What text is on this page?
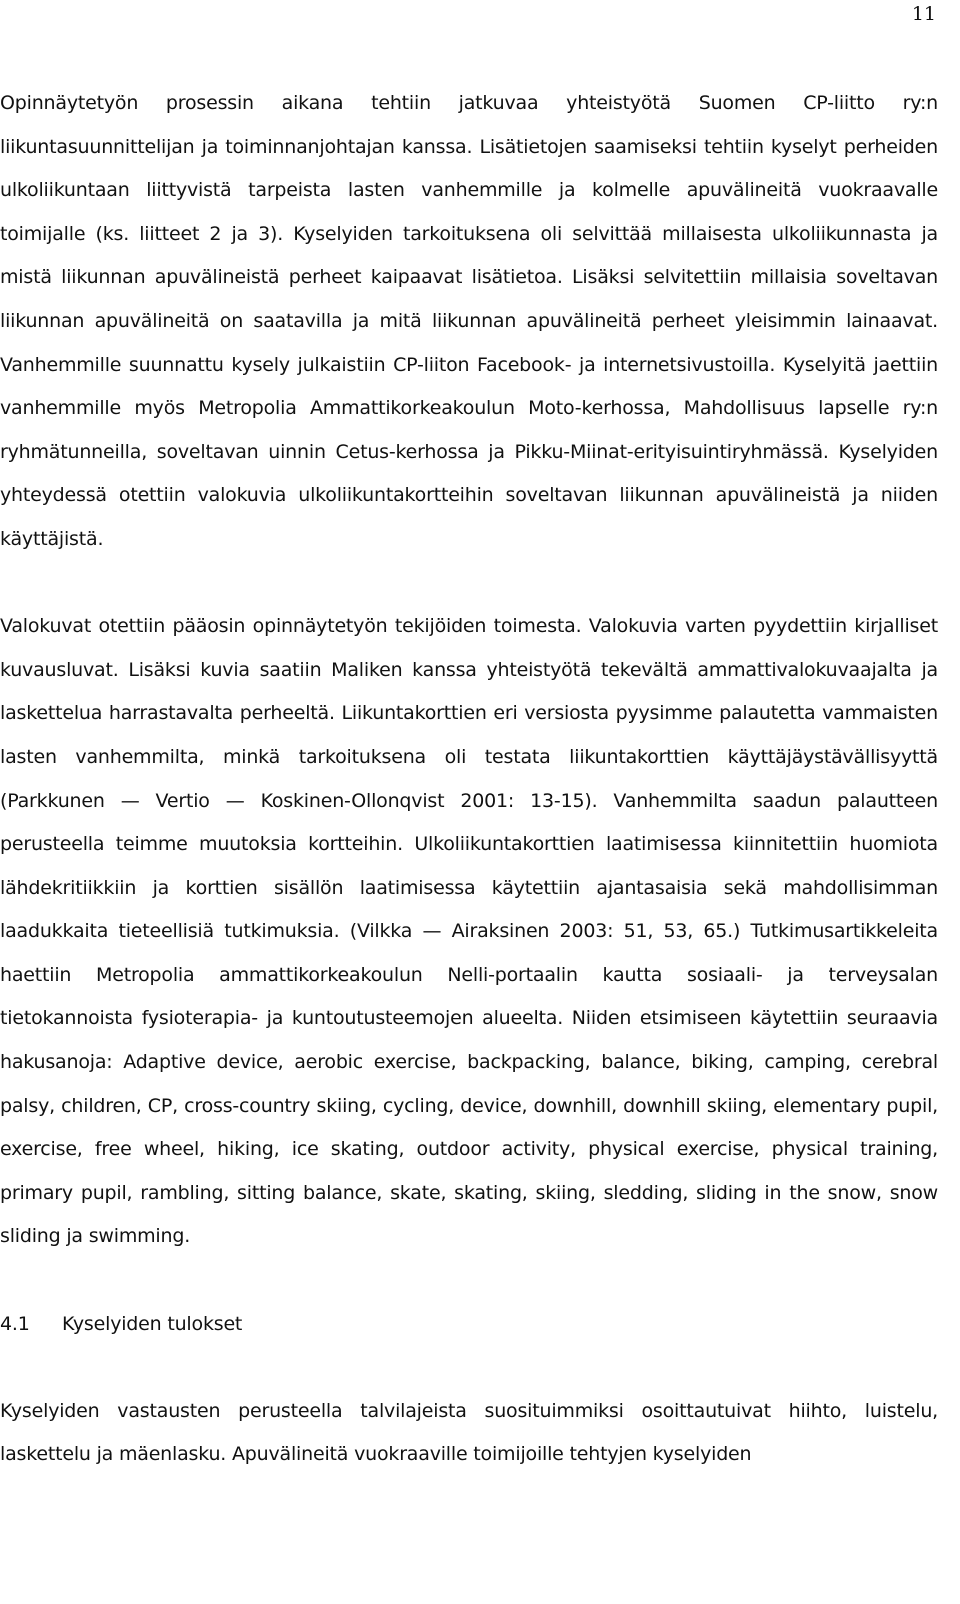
11

Opinnäytetyön prosessin aikana tehtiin jatkuvaa yhteistyötä Suomen CP-liitto ry:n liikuntasuunnittelijan ja toiminnanjohtajan kanssa. Lisätietojen saamiseksi tehtiin kyselyt perheiden ulkoliikuntaan liittyvistä tarpeista lasten vanhemmille ja kolmelle apuvälineitä vuokraavalle toimijalle (ks. liitteet 2 ja 3). Kyselyiden tarkoituksena oli selvittää millaisesta ulkoliikunnasta ja mistä liikunnan apuvälineistä perheet kaipaavat lisätietoa. Lisäksi selvitettiin millaisia soveltavan liikunnan apuvälineitä on saatavilla ja mitä liikunnan apuvälineitä perheet yleisimmin lainaavat. Vanhemmille suunnattu kysely julkaistiin CP-liiton Facebook- ja internetsivustoilla. Kyselyitä jaettiin vanhemmille myös Metropolia Ammattikorkeakoulun Moto-kerhossa, Mahdollisuus lapselle ry:n ryhmätunneilla, soveltavan uinnin Cetus-kerhossa ja Pikku-Miinat-erityisuintiryhmässä. Kyselyiden yhteydessä otettiin valokuvia ulkoliikuntakortteihin soveltavan liikunnan apuvälineistä ja niiden käyttäjistä.

Valokuvat otettiin pääosin opinnäytetyön tekijöiden toimesta. Valokuvia varten pyydettiin kirjalliset kuvausluvat. Lisäksi kuvia saatiin Maliken kanssa yhteistyötä tekevältä ammattivalokuvaajalta ja laskettelua harrastavalta perheeltä. Liikuntakorttien eri versiosta pyysimme palautetta vammaisten lasten vanhemmilta, minkä tarkoituksena oli testata liikuntakorttien käyttäjäystävällisyyttä (Parkkunen — Vertio — Koskinen-Ollonqvist 2001: 13-15). Vanhemmilta saadun palautteen perusteella teimme muutoksia kortteihin. Ulkoliikuntakorttien laatimisessa kiinnitettiin huomiota lähdekritiikkiin ja korttien sisällön laatimisessa käytettiin ajantasaisia sekä mahdollisimman laadukkaita tieteellisiä tutkimuksia. (Vilkka — Airaksinen 2003: 51, 53, 65.) Tutkimusartikkeleita haettiin Metropolia ammattikorkeakoulun Nelli-portaalin kautta sosiaali- ja terveysalan tietokannoista fysioterapia- ja kuntoutusteemojen alueelta. Niiden etsimiseen käytettiin seuraavia hakusanoja: Adaptive device, aerobic exercise, backpacking, balance, biking, camping, cerebral palsy, children, CP, cross-country skiing, cycling, device, downhill, downhill skiing, elementary pupil, exercise, free wheel, hiking, ice skating, outdoor activity, physical exercise, physical training, primary pupil, rambling, sitting balance, skate, skating, skiing, sledding, sliding in the snow, snow sliding ja swimming.

4.1 Kyselyiden tulokset

Kyselyiden vastausten perusteella talvilajeista suosituimmiksi osoittautuivat hiihto, luistelu, laskettelu ja mäenlasku. Apuvälineitä vuokraaville toimijoille tehtyjen kyselyiden
